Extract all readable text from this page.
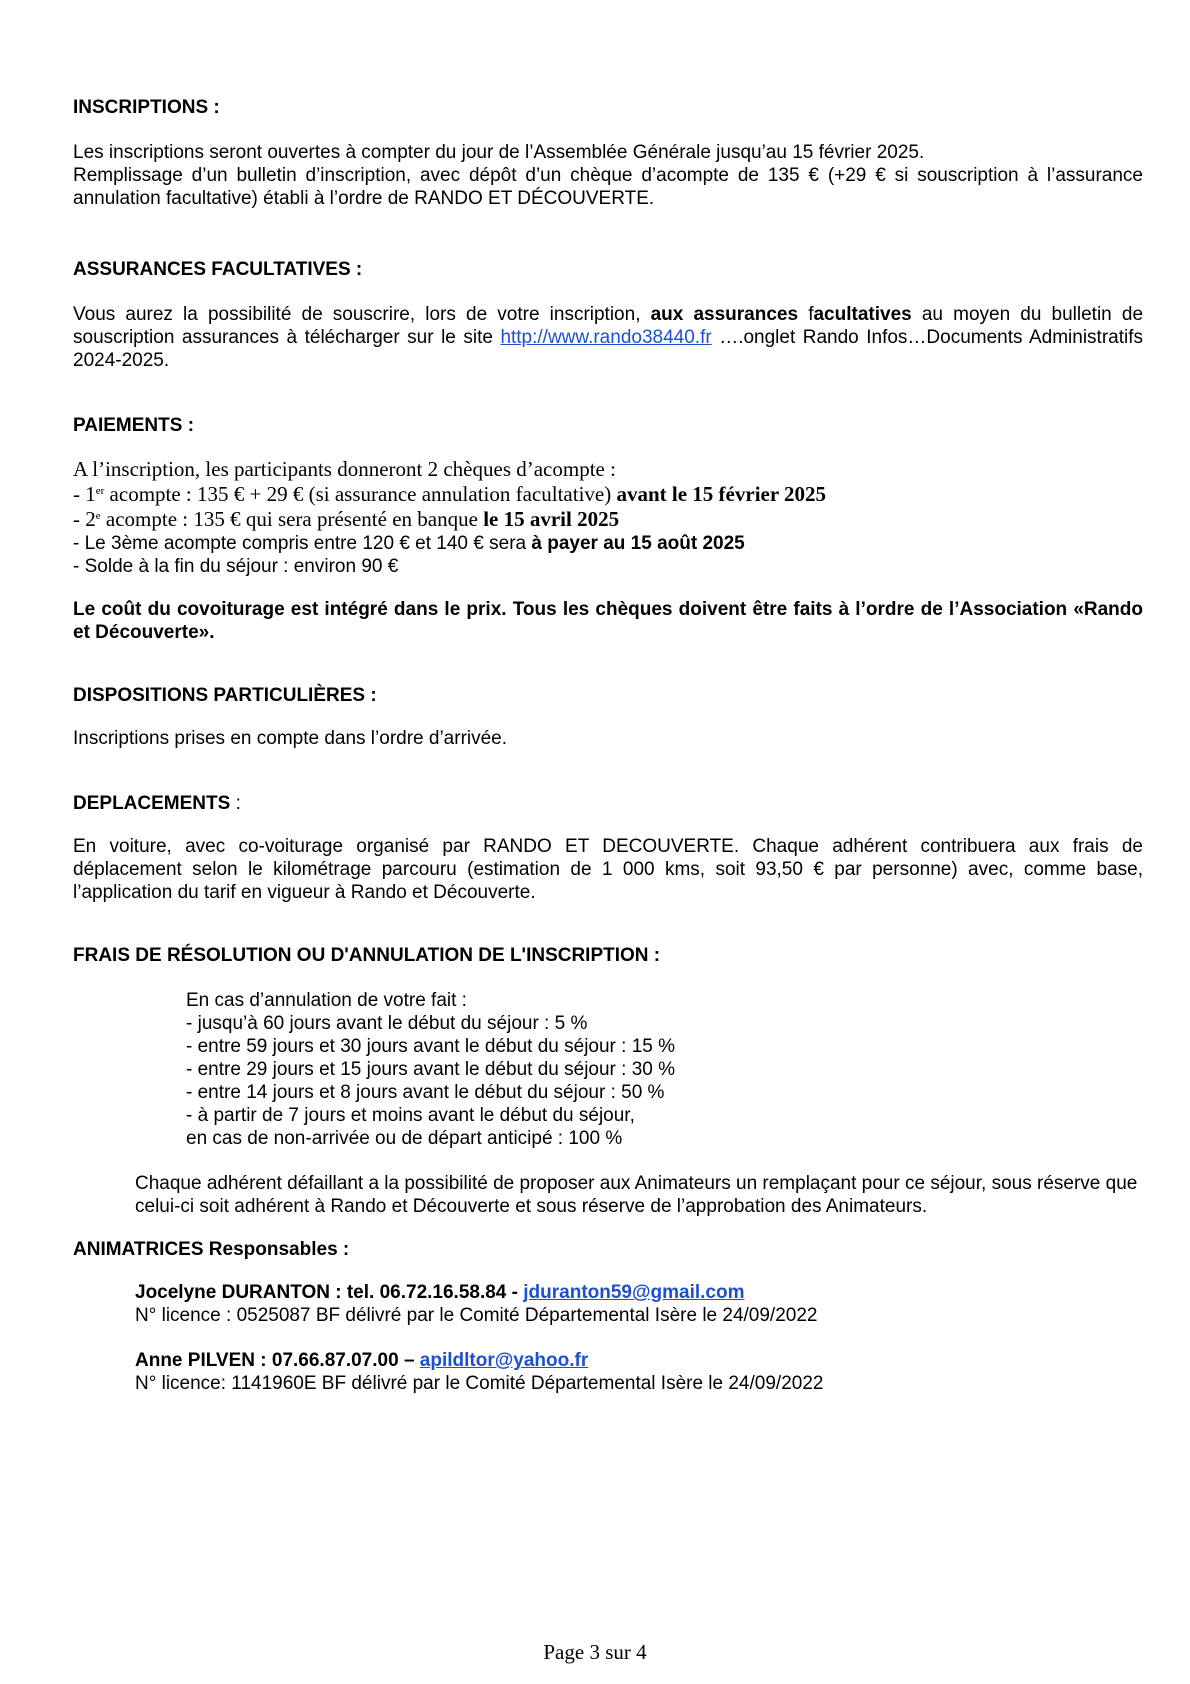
INSCRIPTIONS :

Les inscriptions seront ouvertes à compter du jour de l’Assemblée Générale jusqu’au 15 février 2025.

Remplissage d’un bulletin d’inscription, avec dépôt d’un chèque d’acompte de 135 € (+29 € si souscription à l’assurance annulation facultative) établi à l’ordre de RANDO ET DÉCOUVERTE.

ASSURANCES FACULTATIVES :

Vous aurez la possibilité de souscrire, lors de votre inscription, aux assurances facultatives au moyen du bulletin de souscription assurances à télécharger sur le site http://www.rando38440.fr ….onglet Rando Infos…Documents Administratifs 2024-2025.

PAIEMENTS :

A l’inscription, les participants donneront 2 chèques d’acompte :

- 1er acompte : 135 € + 29 € (si assurance annulation facultative) avant le 15 février 2025

- 2e acompte : 135 € qui sera présenté en banque le 15 avril 2025

- Le 3ème acompte compris entre 120 € et 140 € sera à payer au 15 août 2025

- Solde à la fin du séjour : environ 90 €

Le coût du covoiturage est intégré dans le prix. Tous les chèques doivent être faits à l’ordre de l’Association «Rando et Découverte».

DISPOSITIONS PARTICULIÈRES :

Inscriptions prises en compte dans l’ordre d’arrivée.

DEPLACEMENTS :

En voiture, avec co-voiturage organisé par RANDO ET DECOUVERTE. Chaque adhérent contribuera aux frais de déplacement selon le kilométrage parcouru (estimation de 1 000 kms, soit 93,50 € par personne) avec, comme base, l’application du tarif en vigueur à Rando et Découverte.

FRAIS DE RÉSOLUTION OU D'ANNULATION DE L'INSCRIPTION :

En cas d’annulation de votre fait :

- jusqu’à 60 jours avant le début du séjour : 5 %

- entre 59 jours et 30 jours avant le début du séjour : 15 %

- entre 29 jours et 15 jours avant le début du séjour : 30 %

- entre 14 jours et 8 jours avant le début du séjour : 50 %

- à partir de 7 jours et moins avant le début du séjour,

en cas de non-arrivée ou de départ anticipé : 100 %

Chaque adhérent défaillant a la possibilité de proposer aux Animateurs un remplaçant pour ce séjour, sous réserve que celui-ci soit adhérent à Rando et Découverte et sous réserve de l’approbation des Animateurs.

ANIMATRICES Responsables :

Jocelyne DURANTON : tel. 06.72.16.58.84 - jduranton59@gmail.com

N° licence : 0525087 BF délivré par le Comité Départemental Isère le 24/09/2022

Anne PILVEN : 07.66.87.07.00 – apildltor@yahoo.fr

N° licence: 1141960E BF délivré par le Comité Départemental Isère le 24/09/2022

Page 3 sur 4
